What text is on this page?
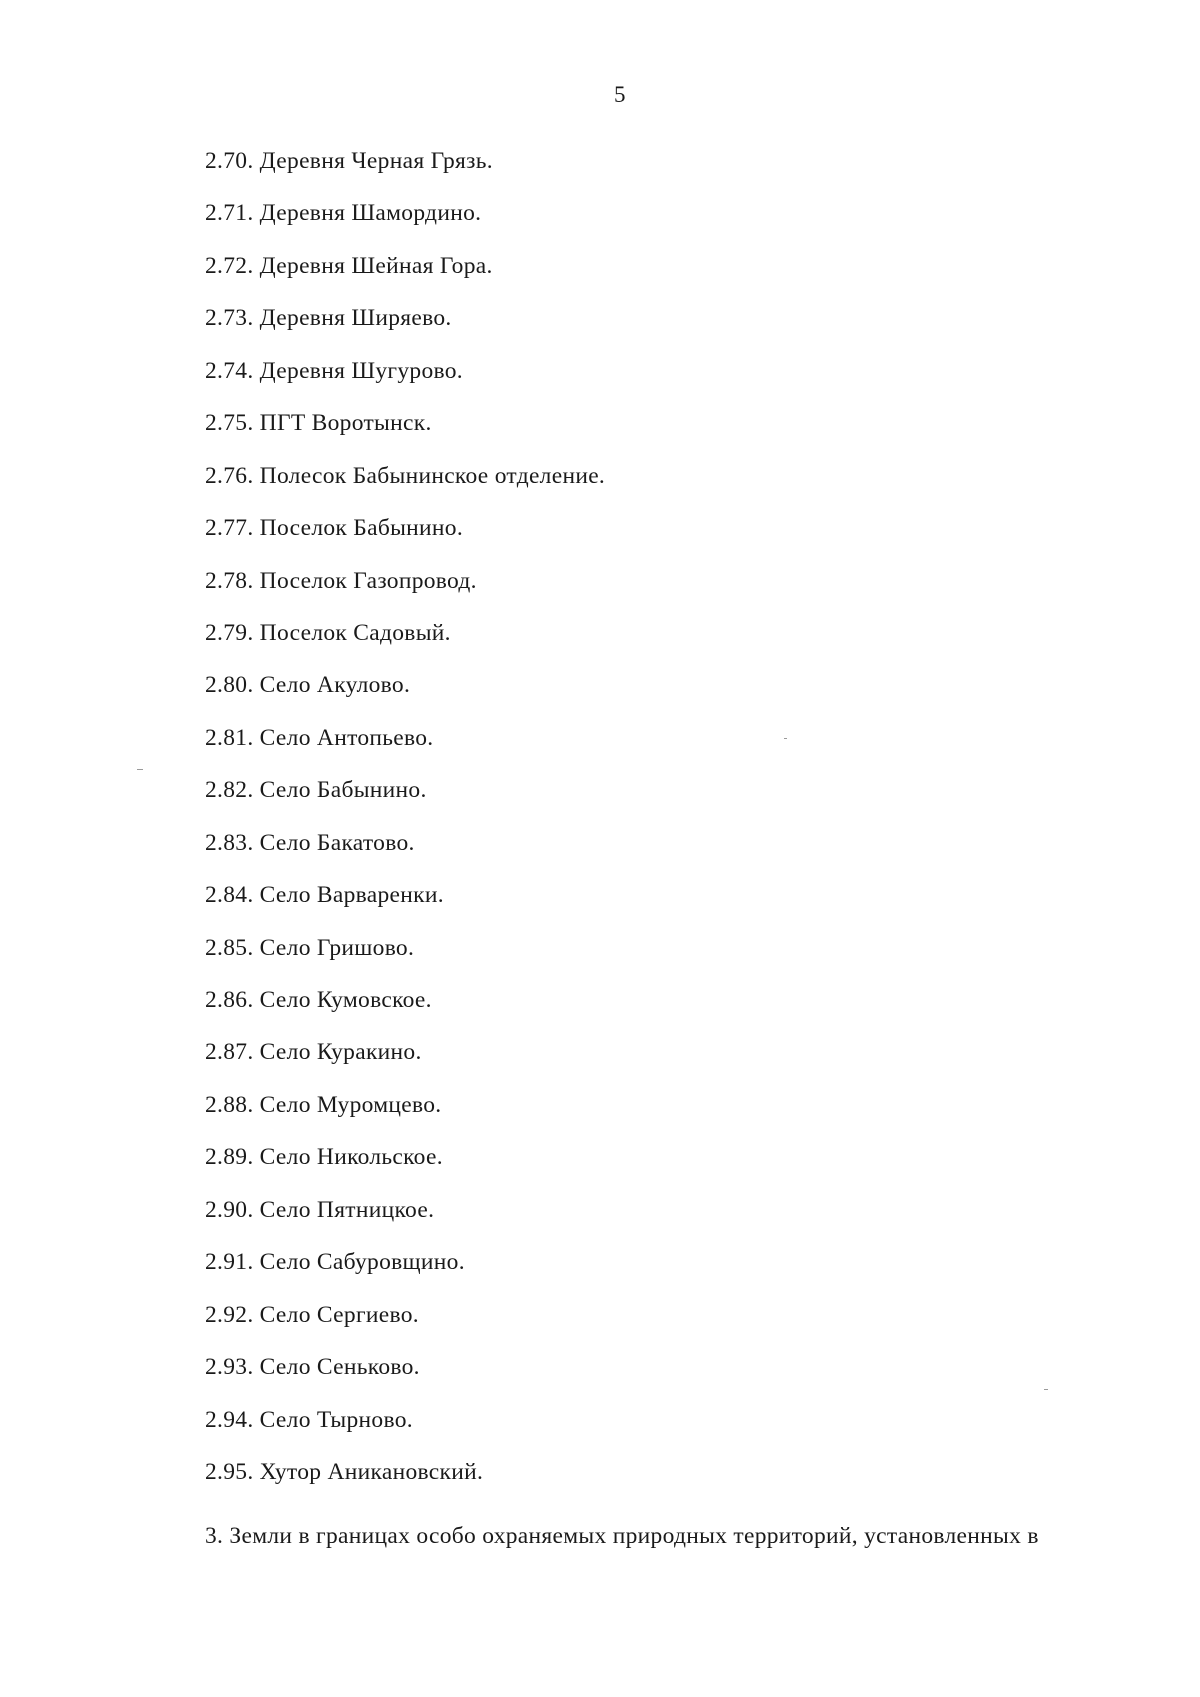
5
2.70. Деревня Черная Грязь.
2.71. Деревня Шамордино.
2.72. Деревня Шейная Гора.
2.73. Деревня Ширяево.
2.74. Деревня Шугурово.
2.75. ПГТ Воротынск.
2.76. Полесок Бабынинское отделение.
2.77. Поселок Бабынино.
2.78. Поселок Газопровод.
2.79. Поселок Садовый.
2.80. Село Акулово.
2.81. Село Антопьево.
2.82. Село Бабынино.
2.83. Село Бакатово.
2.84. Село Варваренки.
2.85. Село Гришово.
2.86. Село Кумовское.
2.87. Село Куракино.
2.88. Село Муромцево.
2.89. Село Никольское.
2.90. Село Пятницкое.
2.91. Село Сабуровщино.
2.92. Село Сергиево.
2.93. Село Сеньково.
2.94. Село Тырново.
2.95. Хутор Аникановский.
3. Земли в границах особо охраняемых природных территорий, установленных в
